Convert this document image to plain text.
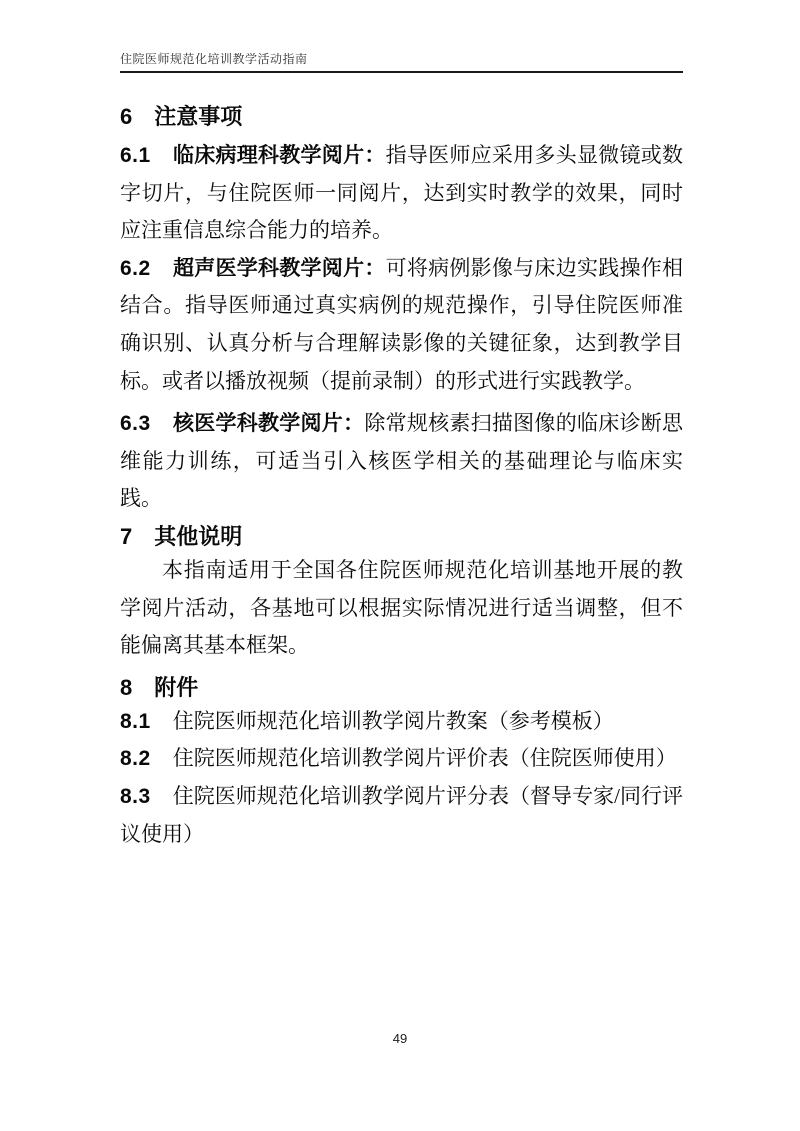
住院医师规范化培训教学活动指南
6 注意事项

6.1 临床病理科教学阅片：指导医师应采用多头显微镜或数字切片，与住院医师一同阅片，达到实时教学的效果，同时应注重信息综合能力的培养。

6.2 超声医学科教学阅片：可将病例影像与床边实践操作相结合。指导医师通过真实病例的规范操作，引导住院医师准确识别、认真分析与合理解读影像的关键征象，达到教学目标。或者以播放视频（提前录制）的形式进行实践教学。

6.3 核医学科教学阅片：除常规核素扫描图像的临床诊断思维能力训练，可适当引入核医学相关的基础理论与临床实践。

7 其他说明

本指南适用于全国各住院医师规范化培训基地开展的教学阅片活动，各基地可以根据实际情况进行适当调整，但不能偏离其基本框架。

8 附件

8.1 住院医师规范化培训教学阅片教案（参考模板）

8.2 住院医师规范化培训教学阅片评价表（住院医师使用）

8.3 住院医师规范化培训教学阅片评分表（督导专家/同行评议使用）

49
